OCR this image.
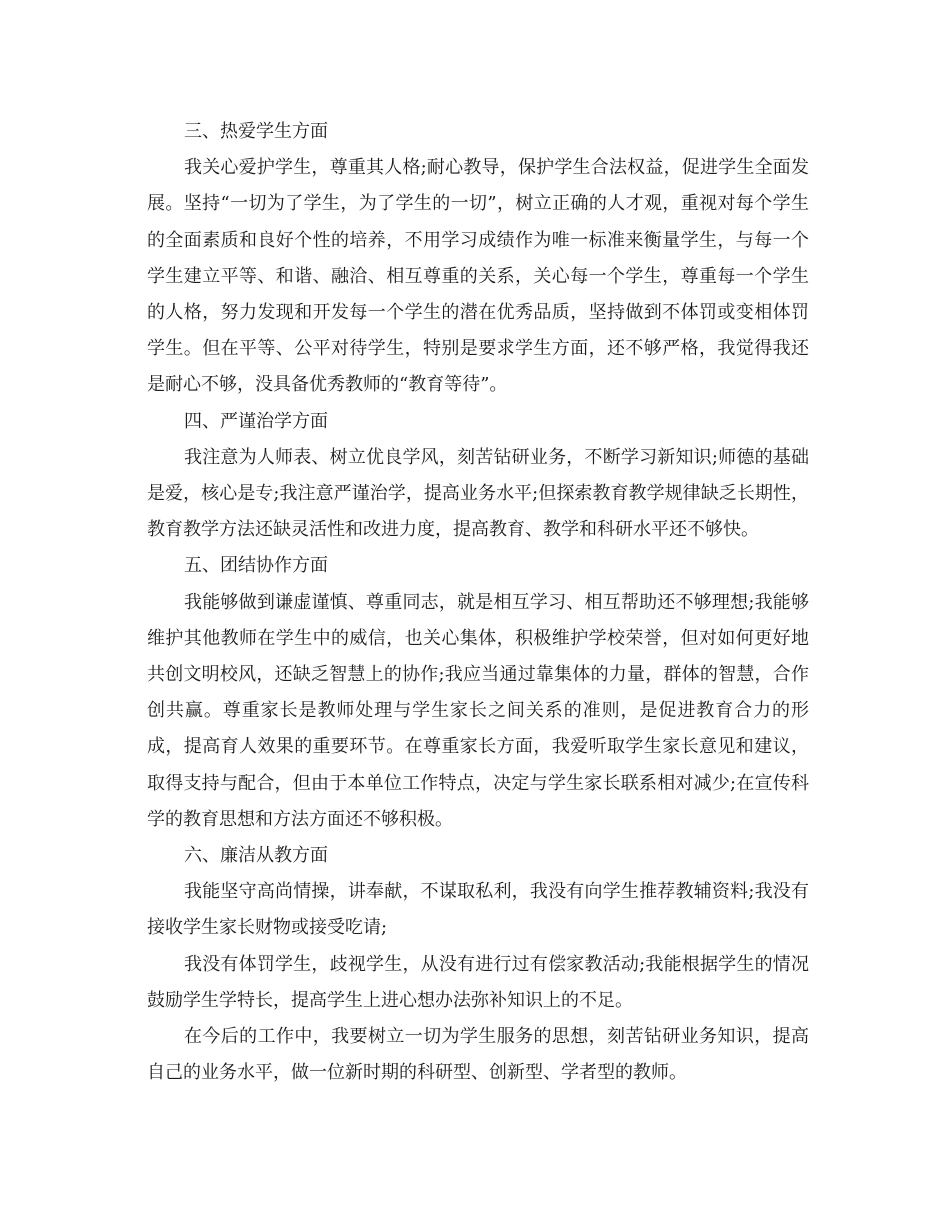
三、热爱学生方面

我关心爱护学生，尊重其人格;耐心教导，保护学生合法权益，促进学生全面发展。坚持“一切为了学生，为了学生的一切”，树立正确的人才观，重视对每个学生的全面素质和良好个性的培养，不用学习成绩作为唯一标准来衡量学生，与每一个学生建立平等、和谐、融洽、相互尊重的关系，关心每一个学生，尊重每一个学生的人格，努力发现和开发每一个学生的潜在优秀品质，坚持做到不体罚或变相体罚学生。但在平等、公平对待学生，特别是要求学生方面，还不够严格，我觉得我还是耐心不够，没具备优秀教师的“教育等待”。

四、严谨治学方面

我注意为人师表、树立优良学风，刻苦钻研业务，不断学习新知识;师德的基础是爱，核心是专;我注意严谨治学，提高业务水平;但探索教育教学规律缺乏长期性，教育教学方法还缺灵活性和改进力度，提高教育、教学和科研水平还不够快。

五、团结协作方面

我能够做到谦虚谨慎、尊重同志，就是相互学习、相互帮助还不够理想;我能够维护其他教师在学生中的威信，也关心集体，积极维护学校荣誉，但对如何更好地共创文明校风，还缺乏智慧上的协作;我应当通过靠集体的力量，群体的智慧，合作创共赢。尊重家长是教师处理与学生家长之间关系的准则，是促进教育合力的形成，提高育人效果的重要环节。在尊重家长方面，我爱听取学生家长意见和建议，取得支持与配合，但由于本单位工作特点，决定与学生家长联系相对减少;在宣传科学的教育思想和方法方面还不够积极。

六、廉洁从教方面

我能坚守高尚情操，讲奉献，不谋取私利，我没有向学生推荐教辅资料;我没有接收学生家长财物或接受吃请;

我没有体罚学生，歧视学生，从没有进行过有偿家教活动;我能根据学生的情况鼓励学生学特长，提高学生上进心想办法弥补知识上的不足。

在今后的工作中，我要树立一切为学生服务的思想，刻苦钻研业务知识，提高自己的业务水平，做一位新时期的科研型、创新型、学者型的教师。
